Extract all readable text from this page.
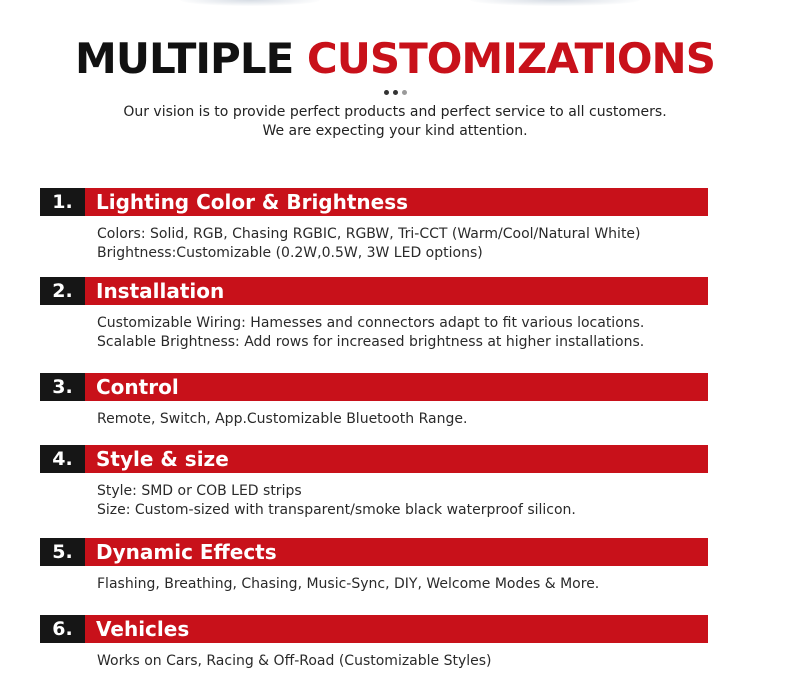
MULTIPLE CUSTOMIZATIONS
Our vision is to provide perfect products and perfect service to all customers.
We are expecting your kind attention.
1.	Lighting Color & Brightness
Colors: Solid, RGB, Chasing RGBIC, RGBW, Tri-CCT (Warm/Cool/Natural White)
Brightness:Customizable (0.2W,0.5W, 3W LED options)
2.	Installation
Customizable Wiring: Hamesses and connectors adapt to fit various locations.
Scalable Brightness: Add rows for increased brightness at higher installations.
3.	Control
Remote, Switch, App.Customizable Bluetooth Range.
4.	Style & size
Style: SMD or COB LED strips
Size: Custom-sized with transparent/smoke black waterproof silicon.
5.	Dynamic Effects
Flashing, Breathing, Chasing, Music-Sync, DIY, Welcome Modes & More.
6.	Vehicles
Works on Cars, Racing & Off-Road (Customizable Styles)
